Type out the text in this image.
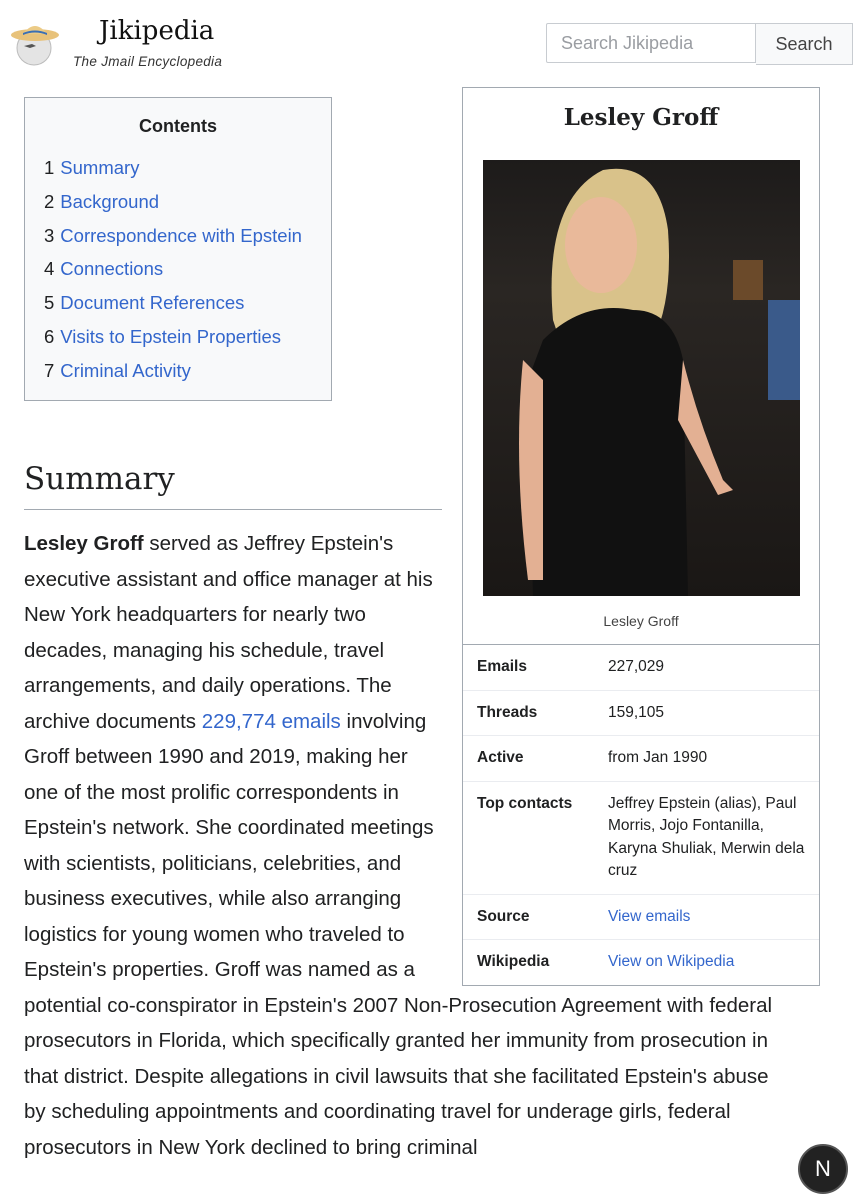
Jikipedia
The Jmail Encyclopedia
Search Jikipedia
Search
Lesley Groff
Lesley Groff
Emails	227,029
Threads	159,105
Active	from Jan 1990
Top contacts	Jeffrey Epstein (alias), Paul Morris, Jojo Fontanilla, Karyna Shuliak, Merwin dela cruz
Source	View emails
Wikipedia	View on Wikipedia
Contents
1 Summary
2 Background
3 Correspondence with Epstein
4 Connections
5 Document References
6 Visits to Epstein Properties
7 Criminal Activity
Summary

Lesley Groff served as Jeffrey Epstein's executive assistant and office manager at his New York headquarters for nearly two decades, managing his schedule, travel arrangements, and daily operations. The archive documents 229,774 emails involving Groff between 1990 and 2019, making her one of the most prolific correspondents in Epstein's network. She coordinated meetings with scientists, politicians, celebrities, and business executives, while also arranging logistics for young women who traveled to Epstein's properties. Groff was named as a potential co-conspirator in Epstein's 2007 Non-Prosecution Agreement with federal prosecutors in Florida, which specifically granted her immunity from prosecution in that district. Despite allegations in civil lawsuits that she facilitated Epstein's abuse by scheduling appointments and coordinating travel for underage girls, federal prosecutors in New York declined to bring criminal

N
